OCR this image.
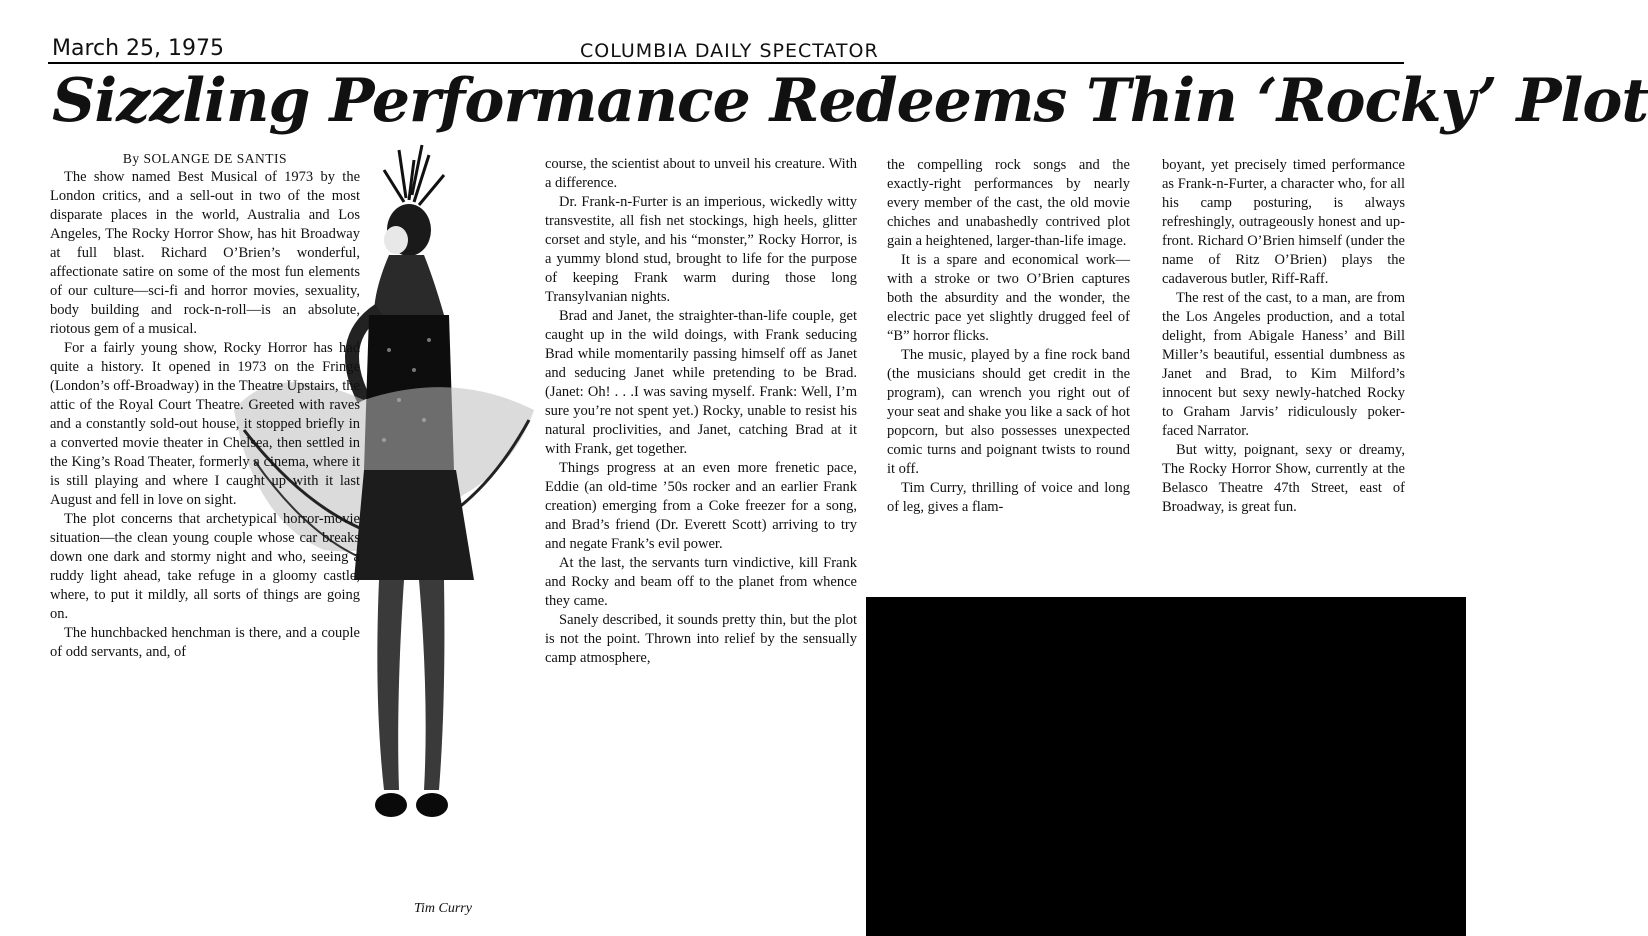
March 25, 1975	COLUMBIA DAILY SPECTATOR
Sizzling Performance Redeems Thin ‘Rocky’ Plot
Tim Curry
By SOLANGE DE SANTIS

The show named Best Musical of 1973 by the London critics, and a sell-out in two of the most disparate places in the world, Australia and Los Angeles, The Rocky Horror Show, has hit Broadway at full blast. Richard O’Brien’s wonderful, affectionate satire on some of the most fun elements of our culture—sci-fi and horror movies, sexuality, body building and rock-n-roll—is an absolute, riotous gem of a musical.

For a fairly young show, Rocky Horror has had quite a history. It opened in 1973 on the Fringe (London’s off-Broadway) in the Theatre Upstairs, the attic of the Royal Court Theatre. Greeted with raves and a constantly sold-out house, it stopped briefly in a converted movie theater in Chelsea, then settled in the King’s Road Theater, formerly a cinema, where it is still playing and where I caught up with it last August and fell in love on sight.

The plot concerns that archetypical horror-movie situation—the clean young couple whose car breaks down one dark and stormy night and who, seeing a ruddy light ahead, take refuge in a gloomy castle, where, to put it mildly, all sorts of things are going on.

The hunchbacked henchman is there, and a couple of odd servants, and, of

course, the scientist about to unveil his creature. With a difference.

Dr. Frank-n-Furter is an imperious, wickedly witty transvestite, all fish net stockings, high heels, glitter corset and style, and his “monster,” Rocky Horror, is a yummy blond stud, brought to life for the purpose of keeping Frank warm during those long Transylvanian nights.

Brad and Janet, the straighter-than-life couple, get caught up in the wild doings, with Frank seducing Brad while momentarily passing himself off as Janet and seducing Janet while pretending to be Brad. (Janet: Oh! . . .I was saving myself. Frank: Well, I’m sure you’re not spent yet.) Rocky, unable to resist his natural proclivities, and Janet, catching Brad at it with Frank, get together.

Things progress at an even more frenetic pace, Eddie (an old-time ’50s rocker and an earlier Frank creation) emerging from a Coke freezer for a song, and Brad’s friend (Dr. Everett Scott) arriving to try and negate Frank’s evil power.

At the last, the servants turn vindictive, kill Frank and Rocky and beam off to the planet from whence they came.

Sanely described, it sounds pretty thin, but the plot is not the point. Thrown into relief by the sensually camp atmosphere,

the compelling rock songs and the exactly-right performances by nearly every member of the cast, the old movie chiches and unabashedly contrived plot gain a heightened, larger-than-life image.

It is a spare and economical work—with a stroke or two O’Brien captures both the absurdity and the wonder, the electric pace yet slightly drugged feel of “B” horror flicks.

The music, played by a fine rock band (the musicians should get credit in the program), can wrench you right out of your seat and shake you like a sack of hot popcorn, but also possesses unexpected comic turns and poignant twists to round it off.

Tim Curry, thrilling of voice and long of leg, gives a flam-

boyant, yet precisely timed performance as Frank-n-Furter, a character who, for all his camp posturing, is always refreshingly, outrageously honest and up-front. Richard O’Brien himself (under the name of Ritz O’Brien) plays the cadaverous butler, Riff-Raff.

The rest of the cast, to a man, are from the Los Angeles production, and a total delight, from Abigale Haness’ and Bill Miller’s beautiful, essential dumbness as Janet and Brad, to Kim Milford’s innocent but sexy newly-hatched Rocky to Graham Jarvis’ ridiculously poker-faced Narrator.

But witty, poignant, sexy or dreamy, The Rocky Horror Show, currently at the Belasco Theatre 47th Street, east of Broadway, is great fun.
